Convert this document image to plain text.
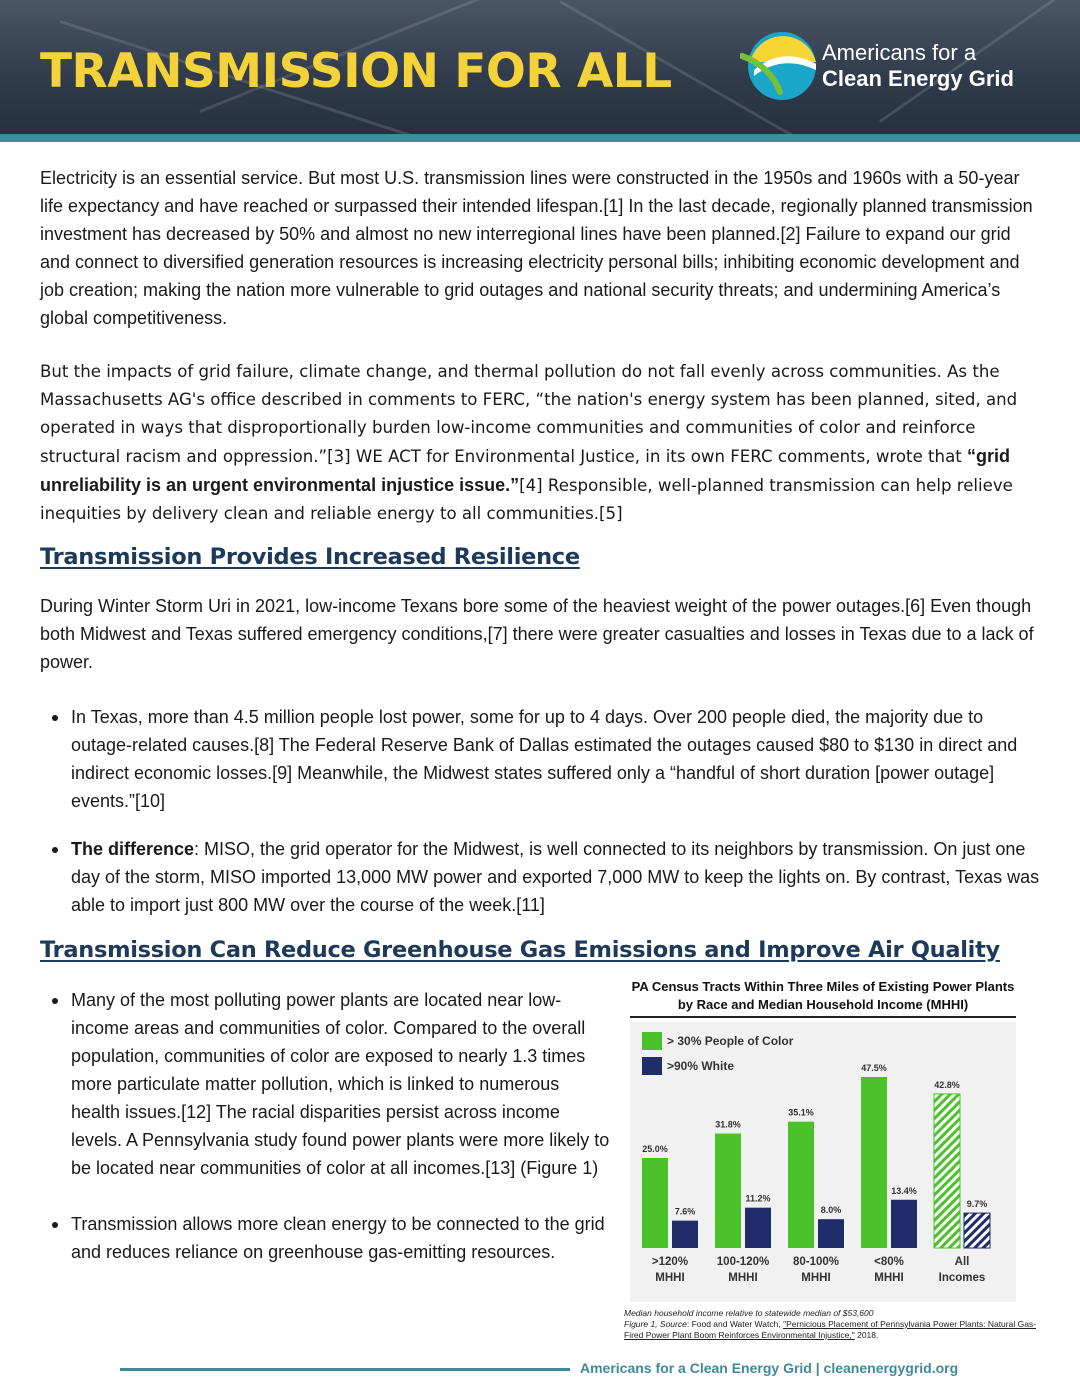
TRANSMISSION FOR ALL	Americans for a
Clean Energy Grid

Electricity is an essential service. But most U.S. transmission lines were constructed in the 1950s and 1960s with a 50-year life expectancy and have reached or surpassed their intended lifespan.[1] In the last decade, regionally planned transmission investment has decreased by 50% and almost no new interregional lines have been planned.[2] Failure to expand our grid and connect to diversified generation resources is increasing electricity personal bills; inhibiting economic development and job creation; making the nation more vulnerable to grid outages and national security threats; and undermining America’s global competitiveness.

But the impacts of grid failure, climate change, and thermal pollution do not fall evenly across communities. As the Massachusetts AG's office described in comments to FERC, “the nation's energy system has been planned, sited, and operated in ways that disproportionally burden low-income communities and communities of color and reinforce structural racism and oppression.”[3] WE ACT for Environmental Justice, in its own FERC comments, wrote that “grid unreliability is an urgent environmental injustice issue.”[4] Responsible, well-planned transmission can help relieve inequities by delivery clean and reliable energy to all communities.[5]

Transmission Provides Increased Resilience

During Winter Storm Uri in 2021, low-income Texans bore some of the heaviest weight of the power outages.[6] Even though both Midwest and Texas suffered emergency conditions,[7] there were greater casualties and losses in Texas due to a lack of power.

In Texas, more than 4.5 million people lost power, some for up to 4 days. Over 200 people died, the majority due to outage-related causes.[8] The Federal Reserve Bank of Dallas estimated the outages caused $80 to $130 in direct and indirect economic losses.[9] Meanwhile, the Midwest states suffered only a “handful of short duration [power outage] events.”[10]
The difference: MISO, the grid operator for the Midwest, is well connected to its neighbors by transmission. On just one day of the storm, MISO imported 13,000 MW power and exported 7,000 MW to keep the lights on. By contrast, Texas was able to import just 800 MW over the course of the week.[11]
Transmission Can Reduce Greenhouse Gas Emissions and Improve Air Quality
Many of the most polluting power plants are located near low-income areas and communities of color. Compared to the overall population, communities of color are exposed to nearly 1.3 times more particulate matter pollution, which is linked to numerous health issues.[12] The racial disparities persist across income levels. A Pennsylvania study found power plants were more likely to be located near communities of color at all incomes.[13] (Figure 1)
Transmission allows more clean energy to be connected to the grid and reduces reliance on greenhouse gas-emitting resources.
PA Census Tracts Within Three Miles of Existing Power Plants by Race and Median Household Income (MHHI)
> 30% People of Color
>90% White
25.0%
7.6%
>120%
MHHI
31.8%
11.2%
100-120%
MHHI
35.1%
8.0%
80-100%
MHHI
47.5%
13.4%
<80%
MHHI
42.8%
9.7%
All
Incomes
Median household income relative to statewide median of $53,600
Figure 1, Source: Food and Water Watch, "Pernicious Placement of Pennsylvania Power Plants: Natural Gas-Fired Power Plant Boom Reinforces Environmental Injustice," 2018.
Americans for a Clean Energy Grid | cleanenergygrid.org
